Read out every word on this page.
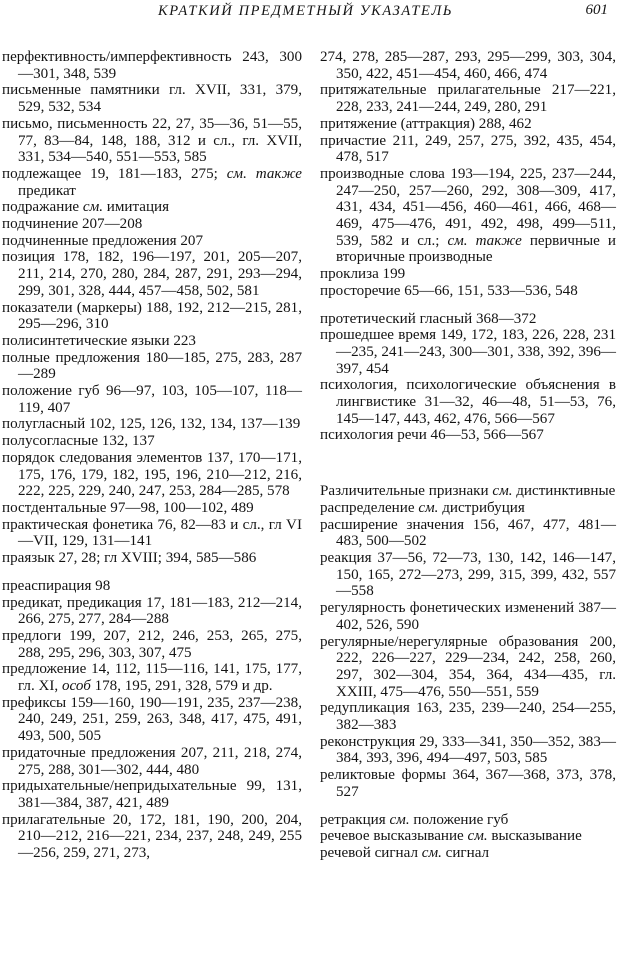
КРАТКИЙ ПРЕДМЕТНЫЙ УКАЗАТЕЛЬ	601
перфективность/имперфективность 243, 300—301, 348, 539
письменные памятники гл. XVII, 331, 379, 529, 532, 534
письмо, письменность 22, 27, 35—36, 51—55, 77, 83—84, 148, 188, 312 и сл., гл. XVII, 331, 534—540, 551—553, 585
подлежащее 19, 181—183, 275; см. также предикат
подражание см. имитация
подчинение 207—208
подчиненные предложения 207
позиция 178, 182, 196—197, 201, 205—207, 211, 214, 270, 280, 284, 287, 291, 293—294, 299, 301, 328, 444, 457—458, 502, 581
показатели (маркеры) 188, 192, 212—215, 281, 295—296, 310
полисинтетические языки 223
полные предложения 180—185, 275, 283, 287—289
положение губ 96—97, 103, 105—107, 118—119, 407
полугласный 102, 125, 126, 132, 134, 137—139
полусогласные 132, 137
порядок следования элементов 137, 170—171, 175, 176, 179, 182, 195, 196, 210—212, 216, 222, 225, 229, 240, 247, 253, 284—285, 578
постдентальные 97—98, 100—102, 489
практическая фонетика 76, 82—83 и сл., гл VI—VII, 129, 131—141
праязык 27, 28; гл XVIII; 394, 585—586
преаспирация 98
предикат, предикация 17, 181—183, 212—214, 266, 275, 277, 284—288
предлоги 199, 207, 212, 246, 253, 265, 275, 288, 295, 296, 303, 307, 475
предложение 14, 112, 115—116, 141, 175, 177, гл. XI, особ 178, 195, 291, 328, 579 и др.
префиксы 159—160, 190—191, 235, 237—238, 240, 249, 251, 259, 263, 348, 417, 475, 491, 493, 500, 505
придаточные предложения 207, 211, 218, 274, 275, 288, 301—302, 444, 480
придыхательные/непридыхательные 99, 131, 381—384, 387, 421, 489
прилагательные 20, 172, 181, 190, 200, 204, 210—212, 216—221, 234, 237, 248, 249, 255—256, 259, 271, 273,
274, 278, 285—287, 293, 295—299, 303, 304, 350, 422, 451—454, 460, 466, 474
притяжательные прилагательные 217—221, 228, 233, 241—244, 249, 280, 291
притяжение (аттракция) 288, 462
причастие 211, 249, 257, 275, 392, 435, 454, 478, 517
производные слова 193—194, 225, 237—244, 247—250, 257—260, 292, 308—309, 417, 431, 434, 451—456, 460—461, 466, 468—469, 475—476, 491, 492, 498, 499—511, 539, 582 и сл.; см. также первичные и вторичные производные
проклиза 199
просторечие 65—66, 151, 533—536, 548
протетический гласный 368—372
прошедшее время 149, 172, 183, 226, 228, 231—235, 241—243, 300—301, 338, 392, 396—397, 454
психология, психологические объяснения в лингвистике 31—32, 46—48, 51—53, 76, 145—147, 443, 462, 476, 566—567
психология речи 46—53, 566—567
Различительные признаки см. дистинктивные
распределение см. дистрибуция
расширение значения 156, 467, 477, 481—483, 500—502
реакция 37—56, 72—73, 130, 142, 146—147, 150, 165, 272—273, 299, 315, 399, 432, 557—558
регулярность фонетических изменений 387—402, 526, 590
регулярные/нерегулярные образования 200, 222, 226—227, 229—234, 242, 258, 260, 297, 302—304, 354, 364, 434—435, гл. XXIII, 475—476, 550—551, 559
редупликация 163, 235, 239—240, 254—255, 382—383
реконструкция 29, 333—341, 350—352, 383—384, 393, 396, 494—497, 503, 585
реликтовые формы 364, 367—368, 373, 378, 527
ретракция см. положение губ
речевое высказывание см. высказывание
речевой сигнал см. сигнал
